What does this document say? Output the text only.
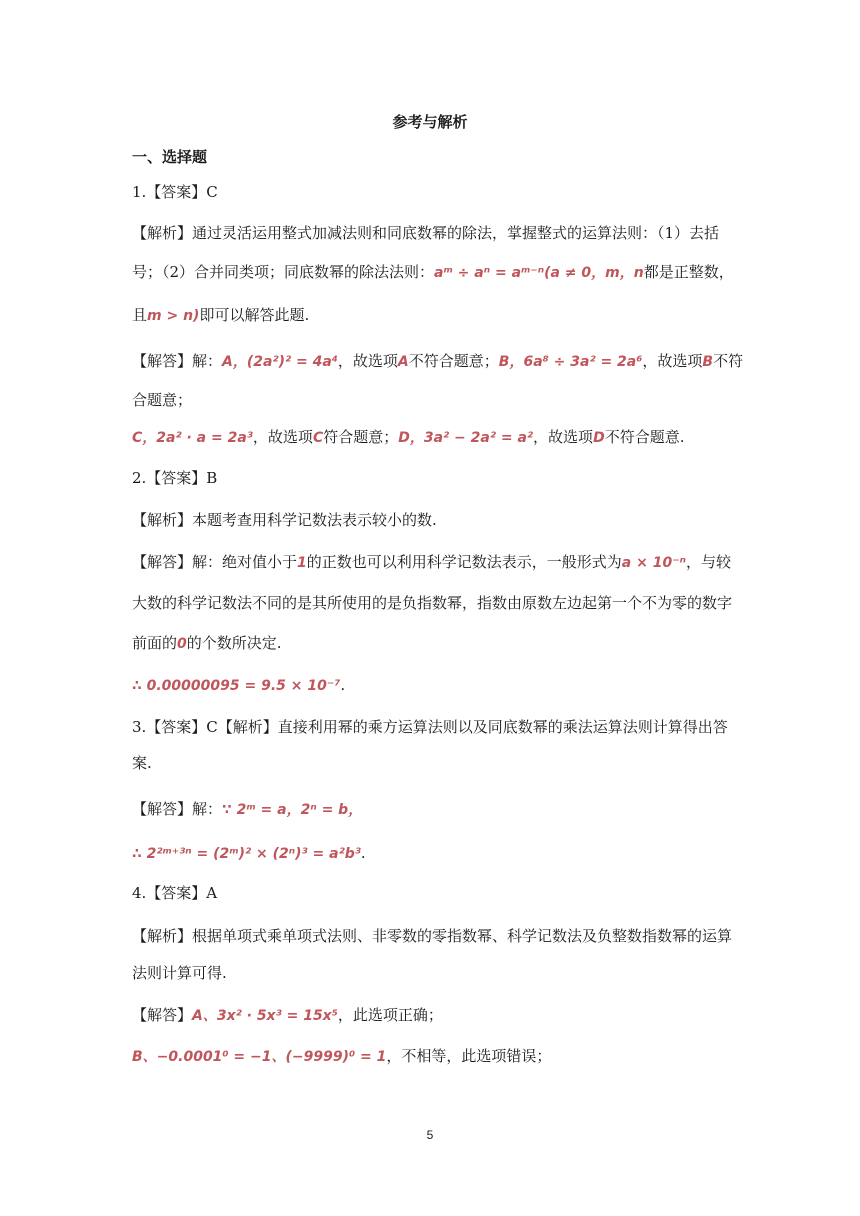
参考与解析
一、选择题
1.【答案】C
【解析】通过灵活运用整式加减法则和同底数幂的除法，掌握整式的运算法则：（1）去括
号；（2）合并同类项；同底数幂的除法法则：aᵐ ÷ aⁿ = aᵐ⁻ⁿ(a ≠ 0，m，n都是正整数，
且m > n)即可以解答此题.
【解答】解：A，(2a²)² = 4a⁴，故选项A不符合题意；B，6a⁸ ÷ 3a² = 2a⁶，故选项B不符
合题意；
C，2a² · a = 2a³，故选项C符合题意；D，3a² − 2a² = a²，故选项D不符合题意.
2.【答案】B
【解析】本题考查用科学记数法表示较小的数.
【解答】解：绝对值小于1的正数也可以利用科学记数法表示，一般形式为a × 10⁻ⁿ，与较
大数的科学记数法不同的是其所使用的是负指数幂，指数由原数左边起第一个不为零的数字
前面的0的个数所决定.
∴ 0.00000095 = 9.5 × 10⁻⁷.
3.【答案】C【解析】直接利用幂的乘方运算法则以及同底数幂的乘法运算法则计算得出答
案.
【解答】解：∵ 2ᵐ = a，2ⁿ = b，
∴ 2²ᵐ⁺³ⁿ = (2ᵐ)² × (2ⁿ)³ = a²b³.
4.【答案】A
【解析】根据单项式乘单项式法则、非零数的零指数幂、科学记数法及负整数指数幂的运算
法则计算可得.
【解答】A、3x² · 5x³ = 15x⁵，此选项正确；
B、−0.0001⁰ = −1、(−9999)⁰ = 1，不相等，此选项错误；
5
